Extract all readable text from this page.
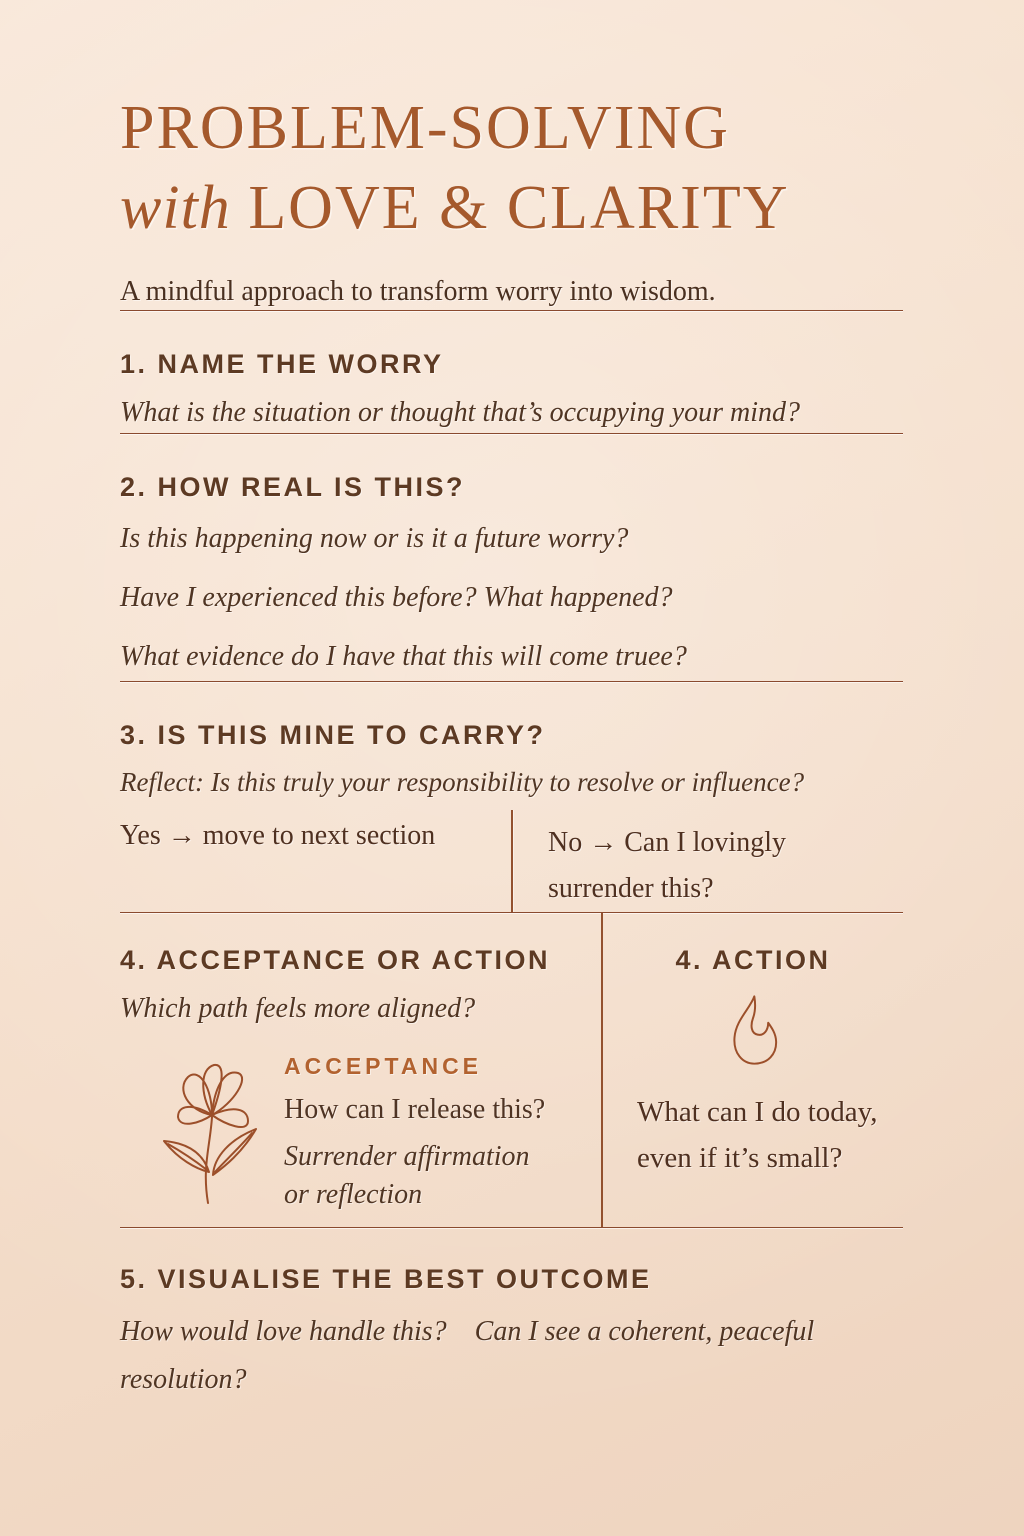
PROBLEM-SOLVING
with LOVE & CLARITY

A mindful approach to transform worry into wisdom.

1. NAME THE WORRY

What is the situation or thought that’s occupying your mind?

2. HOW REAL IS THIS?

Is this happening now or is it a future worry?

Have I experienced this before? What happened?

What evidence do I have that this will come truee?

3. IS THIS MINE TO CARRY?

Reflect: Is this truly your responsibility to resolve or influence?

Yes → move to next section	No → Can I lovingly
surrender this?
4. ACCEPTANCE OR ACTION

Which path feels more aligned?

ACCEPTANCE

How can I release this?

Surrender affirmation
or reflection

4. ACTION

What can I do today, even if it’s small?

5. VISUALISE THE BEST OUTCOME

How would love handle this? Can I see a coherent, peaceful resolution?
